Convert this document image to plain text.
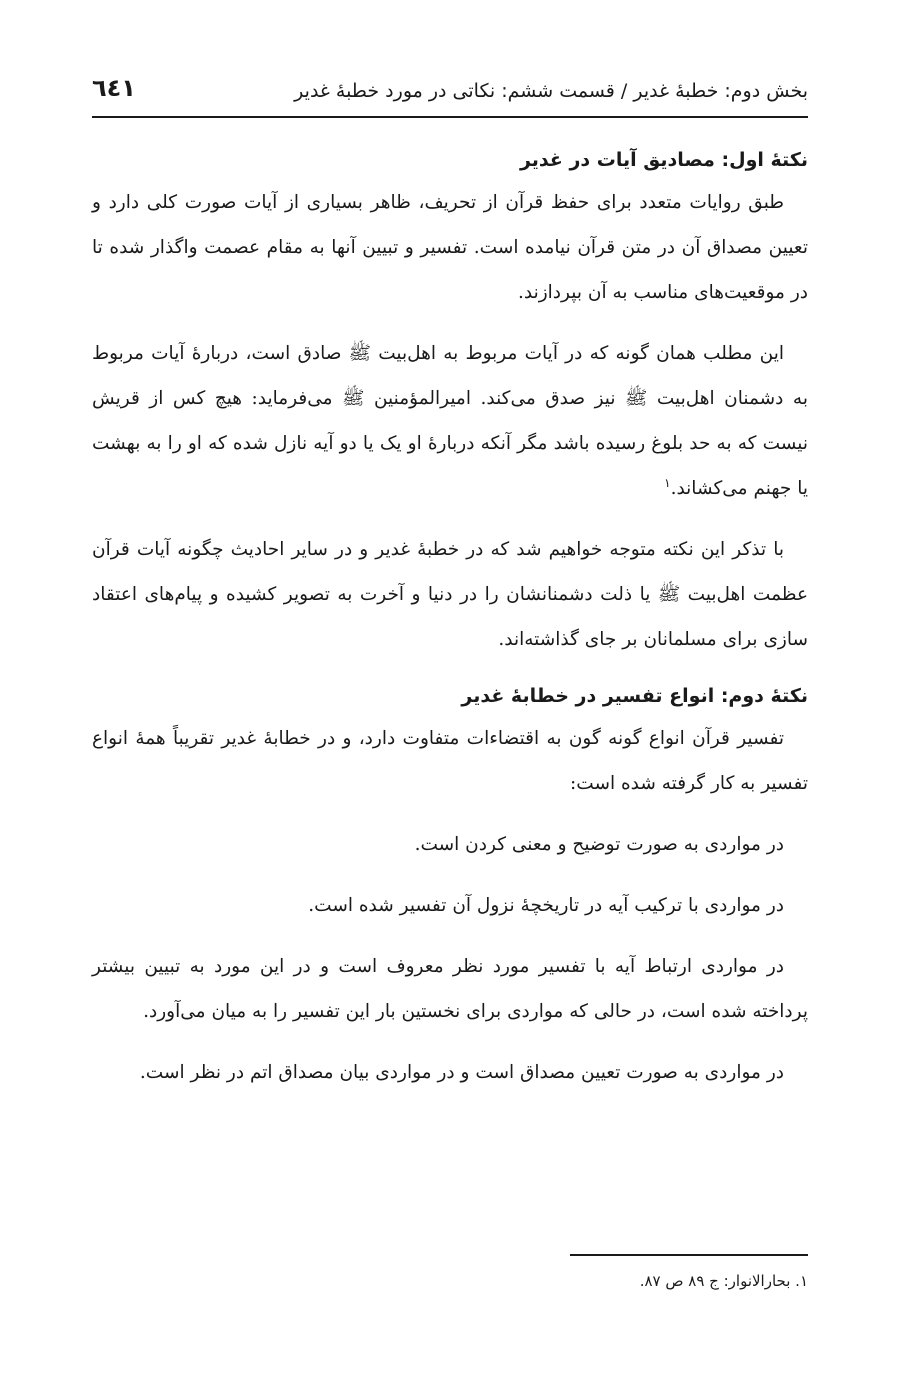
بخش دوم: خطبهٔ غدیر / قسمت ششم: نکاتی در مورد خطبهٔ غدیر
٦٤١
نکتهٔ اول: مصادیق آیات در غدیر

طبق روایات متعدد برای حفظ قرآن از تحریف، ظاهر بسیاری از آیات صورت کلی دارد و تعیین مصداق آن در متن قرآن نیامده است. تفسیر و تبیین آنها به مقام عصمت واگذار شده تا در موقعیت‌های مناسب به آن بپردازند.

این مطلب همان گونه که در آیات مربوط به اهل‌بیت ﷺ صادق است، دربارهٔ آیات مربوط به دشمنان اهل‌بیت ﷺ نیز صدق می‌کند. امیرالمؤمنین ﷺ می‌فرماید: هیچ کس از قریش نیست که به حد بلوغ رسیده باشد مگر آنکه دربارهٔ او یک یا دو آیه نازل شده که او را به بهشت یا جهنم می‌کشاند.$^١$

با تذکر این نکته متوجه خواهیم شد که در خطبهٔ غدیر و در سایر احادیث چگونه آیات قرآن عظمت اهل‌بیت ﷺ یا ذلت دشمنانشان را در دنیا و آخرت به تصویر کشیده و پیام‌های اعتقاد سازی برای مسلمانان بر جای گذاشته‌اند.

نکتهٔ دوم: انواع تفسیر در خطابهٔ غدیر

تفسیر قرآن انواع گونه گون به اقتضاءات متفاوت دارد، و در خطابهٔ غدیر تقریباً همهٔ انواع تفسیر به کار گرفته شده است:

در مواردی به صورت توضیح و معنی کردن است.

در مواردی با ترکیب آیه در تاریخچهٔ نزول آن تفسیر شده است.

در مواردی ارتباط آیه با تفسیر مورد نظر معروف است و در این مورد به تبیین بیشتر پرداخته شده است، در حالی که مواردی برای نخستین بار این تفسیر را به میان می‌آورد.

در مواردی به صورت تعیین مصداق است و در مواردی بیان مصداق اتم در نظر است.

١. بحارالانوار: ج ٨٩ ص ٨٧.
